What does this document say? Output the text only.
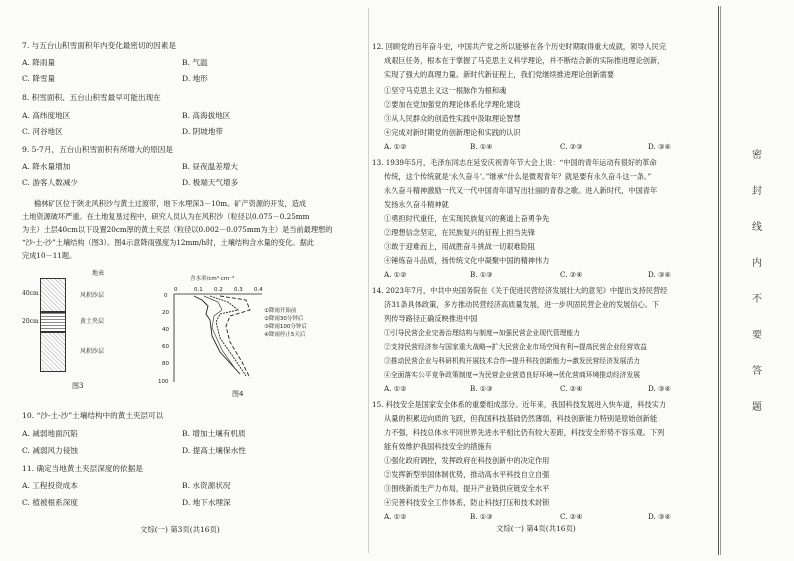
7. 与五台山积雪面积年内变化最密切的因素是
A. 降雨量	B. 气温
C. 降雪量	D. 地形
8. 积雪面积、五台山积雪最早可能出现在
A. 高纬度地区	B. 高海拔地区
C. 河谷地区	D. 阴坡地带
9. 5-7月，五台山积雪面积有所增大的原因是
A. 降水量增加	B. 昼夜温差增大
C. 游客人数减少	D. 极端天气增多
榆林矿区位于陕北风积沙与黄土过渡带，地下水埋深3－10m。矿产资源的开发，造成
土地资源破坏严重。在土地复垦过程中，研究人员认为在风积沙（粒径以0.075－0.25mm
为主）土层40cm以下设置20cm厚的黄土夹层（粒径以0.002－0.075mm为主）是当前最理想的
“沙-土-沙”土壤结构（图3）。图4示意降雨强度为12mm/h时，土壤结构含水量的变化。据此
完成10－11题。
地表
40cm
20cm
风积沙层
黄土夹层
风积沙层
图3
0	0.1 0.2 0.3 0.4
0
20
40
60
80
100
含水率/cm³·cm⁻³
①降雨开始前
②降雨30分钟后
③降雨100分钟后
④降雨停止5天后
图4
10. “沙-土-沙”土壤结构中的黄土夹层可以
A. 减弱地面沉陷	B. 增加土壤有机质
C. 减弱风力侵蚀	D. 提高土壤保水性
11. 确定当地黄土夹层深度的依据是
A. 工程投资成本	B. 水资源状况
C. 植被根系深度	D. 地下水埋深
文综(一) 第3页(共16页)
12. 回顾党的百年奋斗史，中国共产党之所以能够在各个历史时期取得重大成就，领导人民完
成艰巨任务，根本在于掌握了马克思主义科学理论，并不断结合新的实际推进理论创新，
实现了强大的真理力量。新时代新征程上，我们党继续推进理论创新需要
①坚守马克思主义这一根脉作为根和魂
②要加在党加强党的理论体系化学理化建设
③从人民群众的创造性实践中汲取理论智慧
④完成对新时期党的创新理论和实践的认识
A. ①②	B. ①④	C. ②③	D. ③④
13. 1939年5月，毛泽东同志在延安庆祝青年节大会上说：“中国的青年运动有很好的革命
传统，这个传统就是‘永久奋斗’。”继承“什么是微观青年？就是要有永久奋斗这一条。”
永久奋斗精神激励一代又一代中国青年谱写出壮丽的青春之歌。进入新时代，中国青年
发扬永久奋斗精神就
①勇担时代重任，在实现民族复兴的赛道上奋勇争先
②理想信念坚定，在民族复兴的征程上担当先锋
③敢于迎难而上，用战胜奋斗挑战一切艰难险阻
④锤炼奋斗品质，扬传统文化中凝聚中国的精神伟力
A. ①②	B. ①③	C. ②④	D. ③④
14. 2023年7月，中共中央国务院在《关于促进民营经济发展壮大的意见》中提出支持民营经
济31条具体政策，多方推动民营经济高质量发展，进一步巩固民营企业的发展信心。下
列传导路径正确反映推进中国
①引导民营企业完善治理结构与制度→加强民营企业现代管理能力
②支持民营经济参与国家重大战略→扩大民营企业市场空间有利→提高民营企业经营效益
③推动民营企业与科研机构开展技术合作→提升科技创新能力→激发民营经济发展活力
④全面落实公平竞争政策制度→为民营企业营造良好环境→优化营商环境推动经济发展
A. ①②	B. ①③	C. ②④	D. ③④
15. 科技安全是国家安全体系的重要组成部分。近年来，我国科技发展进入快车道，科技实力
从量的积累迈向质的飞跃，但我国科技基础仍然薄弱，科技创新能力特别是原始创新能
力不强，科技总体水平同世界先进水平相比仍有较大差距，科技安全形势不容乐观。下列
能有效维护我国科技安全的措施有
①强化政府调控，发挥政府在科技创新中的决定作用
②发挥新型举国体制优势，推动高水平科技自立自强
③围绕新质生产力布局，提升产业链供应链安全水平
④完善科技安全工作体系，防止科技打压和技术封锁
A. ①②	B. ①③	C. ②④	D. ③④
文综(一) 第4页(共16页)
密
封
线
内
不
要
答
题
